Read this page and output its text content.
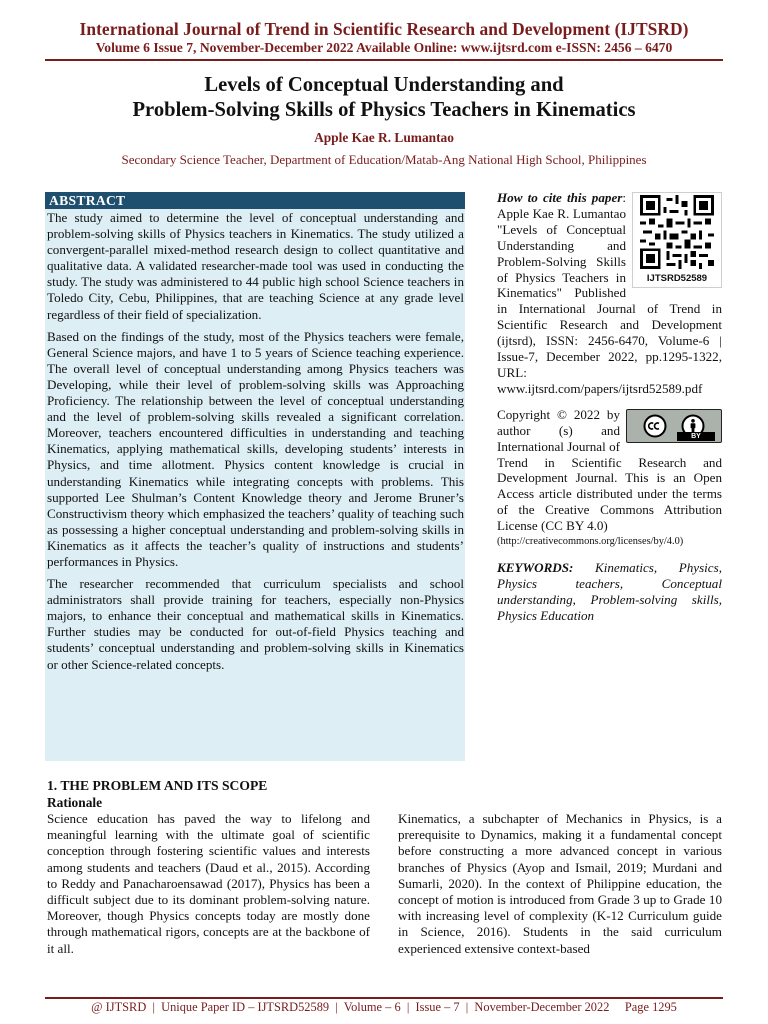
International Journal of Trend in Scientific Research and Development (IJTSRD)
Volume 6 Issue 7, November-December 2022 Available Online: www.ijtsrd.com e-ISSN: 2456 – 6470
Levels of Conceptual Understanding and
Problem-Solving Skills of Physics Teachers in Kinematics
Apple Kae R. Lumantao
Secondary Science Teacher, Department of Education/Matab-Ang National High School, Philippines
ABSTRACT

The study aimed to determine the level of conceptual understanding and problem-solving skills of Physics teachers in Kinematics. The study utilized a convergent-parallel mixed-method research design to collect quantitative and qualitative data. A validated researcher-made tool was used in conducting the study. The study was administered to 44 public high school Science teachers in Toledo City, Cebu, Philippines, that are teaching Science at any grade level regardless of their field of specialization.

Based on the findings of the study, most of the Physics teachers were female, General Science majors, and have 1 to 5 years of Science teaching experience. The overall level of conceptual understanding among Physics teachers was Developing, while their level of problem-solving skills was Approaching Proficiency. The relationship between the level of conceptual understanding and the level of problem-solving skills revealed a significant correlation. Moreover, teachers encountered difficulties in understanding and teaching Kinematics, applying mathematical skills, developing students’ interests in Physics, and time allotment. Physics content knowledge is crucial in understanding Kinematics while integrating concepts with problems. This supported Lee Shulman’s Content Knowledge theory and Jerome Bruner’s Constructivism theory which emphasized the teachers’ quality of teaching such as possessing a higher conceptual understanding and problem-solving skills in Kinematics as it affects the teacher’s quality of instructions and students’ performances in Physics.

The researcher recommended that curriculum specialists and school administrators shall provide training for teachers, especially non-Physics majors, to enhance their conceptual and mathematical skills in Kinematics. Further studies may be conducted for out-of-field Physics teaching and students’ conceptual understanding and problem-solving skills in Kinematics or other Science-related concepts.

IJTSRD52589
How to cite this paper: Apple Kae R. Lumantao "Levels of Conceptual Understanding and Problem-Solving Skills of Physics Teachers in Kinematics" Published in International Journal of Trend in Scientific Research and Development (ijtsrd), ISSN: 2456-6470, Volume-6 | Issue-7, December 2022, pp.1295-1322, URL: www.ijtsrd.com/papers/ijtsrd52589.pdf
BY
Copyright © 2022 by author (s) and International Journal of Trend in Scientific Research and Development Journal. This is an Open Access article distributed under the terms of the Creative Commons Attribution License (CC BY 4.0)
(http://creativecommons.org/licenses/by/4.0)
KEYWORDS: Kinematics, Physics, Physics teachers, Conceptual understanding, Problem-solving skills, Physics Education
1. THE PROBLEM AND ITS SCOPE
Rationale

Science education has paved the way to lifelong and meaningful learning with the ultimate goal of scientific conception through fostering scientific values and interests among students and teachers (Daud et al., 2015). According to Reddy and Panacharoensawad (2017), Physics has been a difficult subject due to its dominant problem-solving nature. Moreover, though Physics concepts today are mostly done through mathematical rigors, concepts are at the backbone of it all.

Kinematics, a subchapter of Mechanics in Physics, is a prerequisite to Dynamics, making it a fundamental concept before constructing a more advanced concept in various branches of Physics (Ayop and Ismail, 2019; Murdani and Sumarli, 2020). In the context of Philippine education, the concept of motion is introduced from Grade 3 up to Grade 10 with increasing level of complexity (K-12 Curriculum guide in Science, 2016). Students in the said curriculum experienced extensive context-based

@ IJTSRD  |  Unique Paper ID – IJTSRD52589  |  Volume – 6  |  Issue – 7  |  November-December 2022     Page 1295
